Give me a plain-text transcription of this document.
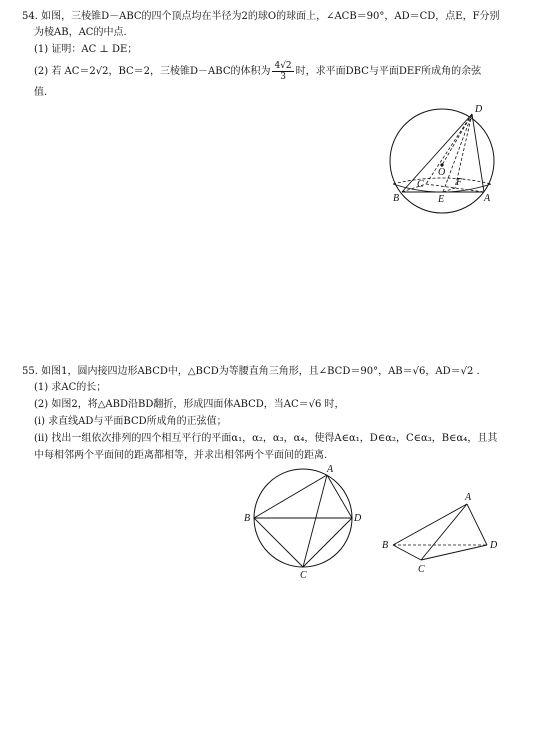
54. 如图，三棱锥D－ABC的四个顶点均在半径为2的球O的球面上，∠ACB＝90°，AD＝CD，点E，F分别
为棱AB，AC的中点.
(1) 证明：AC ⊥ DE；
(2) 若 AC＝2√2，BC＝2，三棱锥D－ABC的体积为 $\frac{4√2}{3}$ 时，求平面DBC与平面DEF所成角的余弦
值.
D
O
B	E	A
C	F
55. 如图1，圆内接四边形ABCD中，△BCD为等腰直角三角形，且∠BCD＝90°，AB＝√6，AD＝√2 .
(1) 求AC的长；
(2) 如图2，将△ABD沿BD翻折，形成四面体ABCD，当AC＝√6 时，
(i) 求直线AD与平面BCD所成角的正弦值；
(ii) 找出一组依次排列的四个相互平行的平面α₁，α₂，α₃，α₄，使得A∈α₁，D∈α₂，C∈α₃，B∈α₄，且其
中每相邻两个平面间的距离都相等，并求出相邻两个平面间的距离.
A
B
C
D
A
B
C
D
